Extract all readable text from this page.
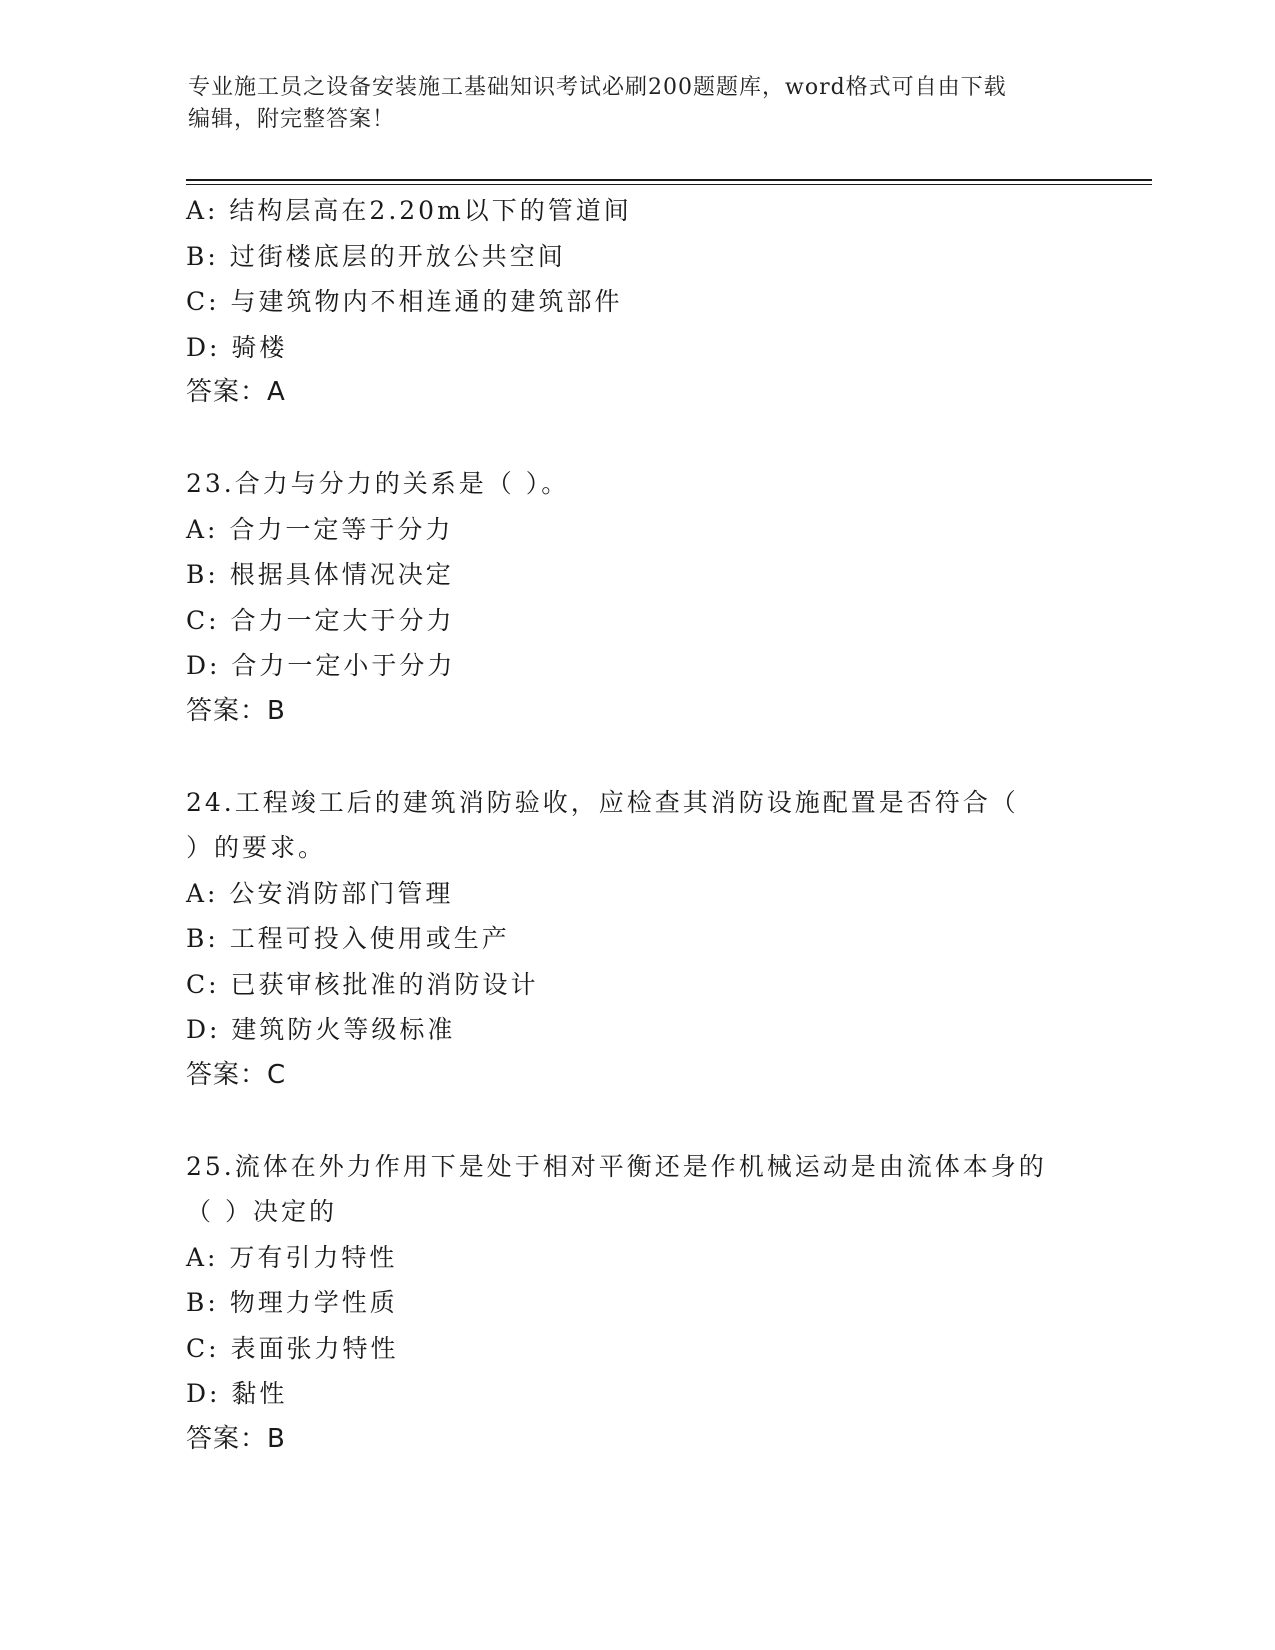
专业施工员之设备安装施工基础知识考试必刷200题题库，word格式可自由下载
编辑，附完整答案！
A: 结构层高在2.20m以下的管道间
B: 过街楼底层的开放公共空间
C: 与建筑物内不相连通的建筑部件
D: 骑楼
答案：A
23.合力与分力的关系是（ ）。
A: 合力一定等于分力
B: 根据具体情况决定
C: 合力一定大于分力
D: 合力一定小于分力
答案：B
24.工程竣工后的建筑消防验收，应检查其消防设施配置是否符合（
）的要求。
A: 公安消防部门管理
B: 工程可投入使用或生产
C: 已获审核批准的消防设计
D: 建筑防火等级标准
答案：C
25.流体在外力作用下是处于相对平衡还是作机械运动是由流体本身的
（ ）决定的
A: 万有引力特性
B: 物理力学性质
C: 表面张力特性
D: 黏性
答案：B
